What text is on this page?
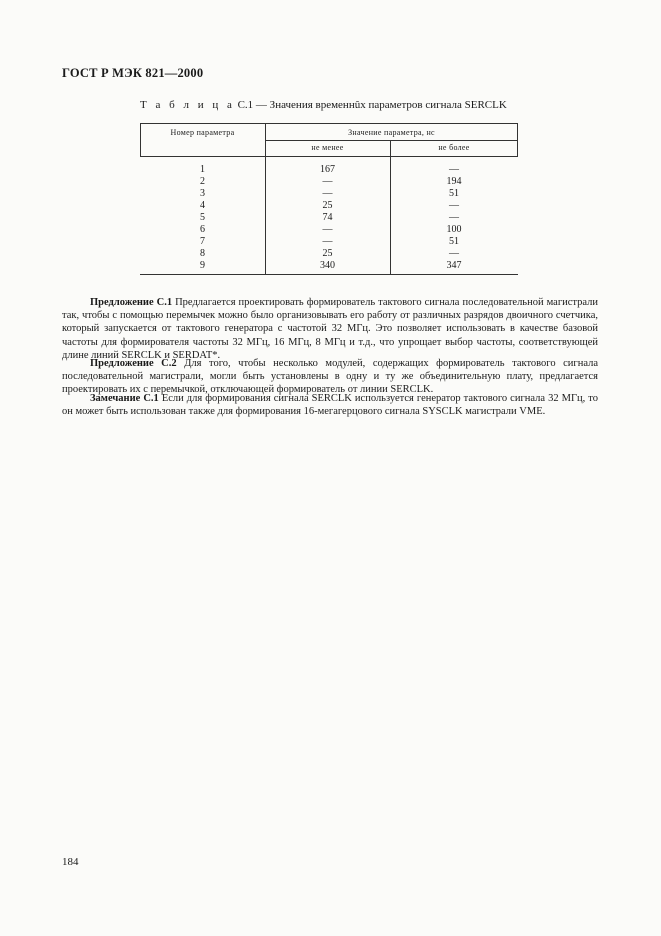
ГОСТ Р МЭК 821—2000
Т а б л и ц а С.1 — Значения временнûх параметров сигнала SERCLK
Номер параметра	Значение параметра, нс
не менее	не более
1
2
3
4
5
6
7
8
9
167
—
—
25
74
—
—
25
340
—
194
51
—
—
100
51
—
347
Предложение С.1 Предлагается проектировать формирователь тактового сигнала последовательной магистрали так, чтобы с помощью перемычек можно было организовывать его работу от различных разрядов двоичного счетчика, который запускается от тактового генератора с частотой 32 МГц. Это позволяет использовать в качестве базовой частоты для формирователя частоты 32 МГц, 16 МГц, 8 МГц и т.д., что упрощает выбор частоты, соответствующей длине линий SERCLK и SERDAT*.
Предложение С.2 Для того, чтобы несколько модулей, содержащих формирователь тактового сигнала последовательной магистрали, могли быть установлены в одну и ту же объединительную плату, предлагается проектировать их с перемычкой, отключающей формирователь от линии SERCLK.
Замечание С.1 Если для формирования сигнала SERCLK используется генератор тактового сигнала 32 МГц, то он может быть использован также для формирования 16-мегагерцового сигнала SYSCLK магистрали VME.
184
